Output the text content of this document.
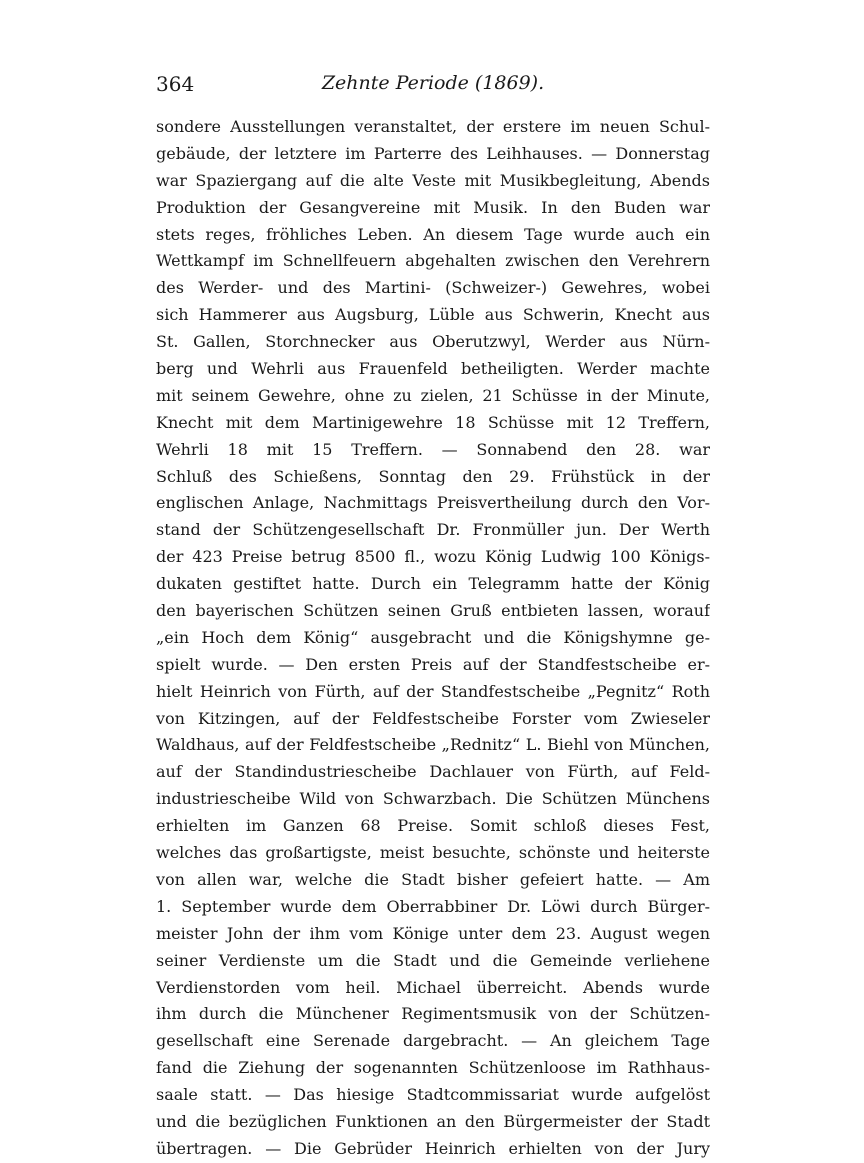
364	Zehnte Periode (1869).
sondere Ausstellungen veranstaltet, der erstere im neuen Schul-
gebäude, der letztere im Parterre des Leihhauses. — Donnerstag
war Spaziergang auf die alte Veste mit Musikbegleitung, Abends
Produktion der Gesangvereine mit Musik. In den Buden war
stets reges, fröhliches Leben. An diesem Tage wurde auch ein
Wettkampf im Schnellfeuern abgehalten zwischen den Verehrern
des Werder- und des Martini- (Schweizer-) Gewehres, wobei
sich Hammerer aus Augsburg, Lüble aus Schwerin, Knecht aus
St. Gallen, Storchnecker aus Oberutzwyl, Werder aus Nürn-
berg und Wehrli aus Frauenfeld betheiligten. Werder machte
mit seinem Gewehre, ohne zu zielen, 21 Schüsse in der Minute,
Knecht mit dem Martinigewehre 18 Schüsse mit 12 Treffern,
Wehrli 18 mit 15 Treffern. — Sonnabend den 28. war
Schluß des Schießens, Sonntag den 29. Frühstück in der
englischen Anlage, Nachmittags Preisvertheilung durch den Vor-
stand der Schützengesellschaft Dr. Fronmüller jun. Der Werth
der 423 Preise betrug 8500 fl., wozu König Ludwig 100 Königs-
dukaten gestiftet hatte. Durch ein Telegramm hatte der König
den bayerischen Schützen seinen Gruß entbieten lassen, worauf
„ein Hoch dem König“ ausgebracht und die Königshymne ge-
spielt wurde. — Den ersten Preis auf der Standfestscheibe er-
hielt Heinrich von Fürth, auf der Standfestscheibe „Pegnitz“ Roth
von Kitzingen, auf der Feldfestscheibe Forster vom Zwieseler
Waldhaus, auf der Feldfestscheibe „Rednitz“ L. Biehl von München,
auf der Standindustriescheibe Dachlauer von Fürth, auf Feld-
industriescheibe Wild von Schwarzbach. Die Schützen Münchens
erhielten im Ganzen 68 Preise. Somit schloß dieses Fest,
welches das großartigste, meist besuchte, schönste und heiterste
von allen war, welche die Stadt bisher gefeiert hatte. — Am
1. September wurde dem Oberrabbiner Dr. Löwi durch Bürger-
meister John der ihm vom Könige unter dem 23. August wegen
seiner Verdienste um die Stadt und die Gemeinde verliehene
Verdienstorden vom heil. Michael überreicht. Abends wurde
ihm durch die Münchener Regimentsmusik von der Schützen-
gesellschaft eine Serenade dargebracht. — An gleichem Tage
fand die Ziehung der sogenannten Schützenloose im Rathhaus-
saale statt. — Das hiesige Stadtcommissariat wurde aufgelöst
und die bezüglichen Funktionen an den Bürgermeister der Stadt
übertragen. — Die Gebrüder Heinrich erhielten von der Jury
